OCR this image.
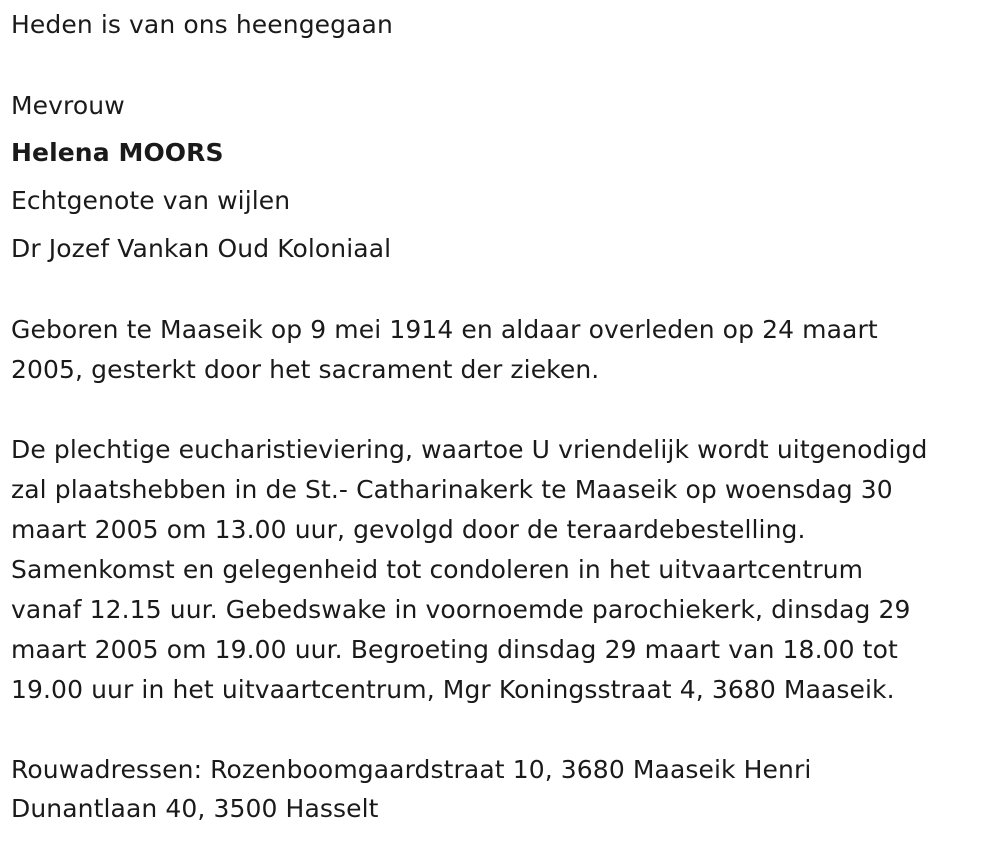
Heden is van ons heengegaan
Mevrouw
Helena MOORS
Echtgenote van wijlen
Dr Jozef Vankan Oud Koloniaal
Geboren te Maaseik op 9 mei 1914 en aldaar overleden op 24 maart
2005, gesterkt door het sacrament der zieken.
De plechtige eucharistieviering, waartoe U vriendelijk wordt uitgenodigd
zal plaatshebben in de St.- Catharinakerk te Maaseik op woensdag 30
maart 2005 om 13.00 uur, gevolgd door de teraardebestelling.
Samenkomst en gelegenheid tot condoleren in het uitvaartcentrum
vanaf 12.15 uur. Gebedswake in voornoemde parochiekerk, dinsdag 29
maart 2005 om 19.00 uur. Begroeting dinsdag 29 maart van 18.00 tot
19.00 uur in het uitvaartcentrum, Mgr Koningsstraat 4, 3680 Maaseik.
Rouwadressen: Rozenboomgaardstraat 10, 3680 Maaseik Henri
Dunantlaan 40, 3500 Hasselt
